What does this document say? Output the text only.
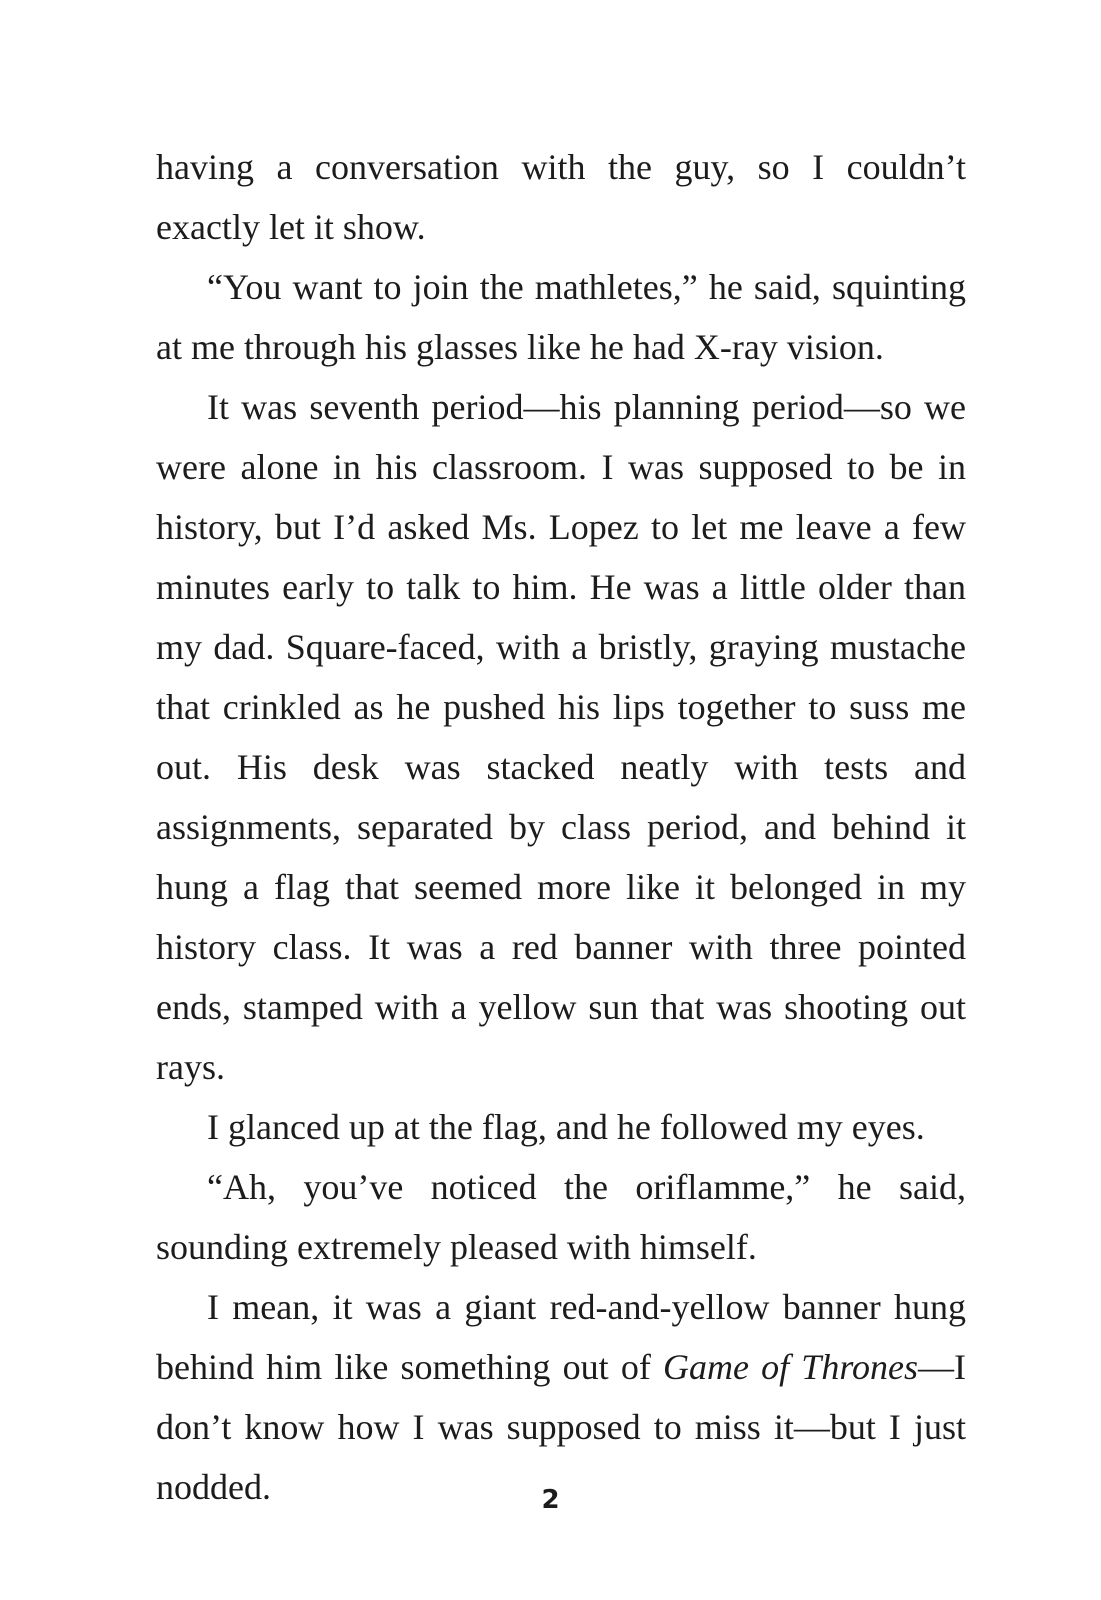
having a conversation with the guy, so I couldn’t exactly let it show.

“You want to join the mathletes,” he said, squinting at me through his glasses like he had X-ray vision.

It was seventh period—his planning period—so we were alone in his classroom. I was supposed to be in history, but I’d asked Ms. Lopez to let me leave a few minutes early to talk to him. He was a little older than my dad. Square-faced, with a bristly, graying mustache that crinkled as he pushed his lips together to suss me out. His desk was stacked neatly with tests and assignments, separated by class period, and behind it hung a flag that seemed more like it belonged in my history class. It was a red banner with three pointed ends, stamped with a yellow sun that was shooting out rays.

I glanced up at the flag, and he followed my eyes.

“Ah, you’ve noticed the oriflamme,” he said, sounding extremely pleased with himself.

I mean, it was a giant red-and-yellow banner hung behind him like something out of Game of Thrones—I don’t know how I was supposed to miss it—but I just nodded.	2
